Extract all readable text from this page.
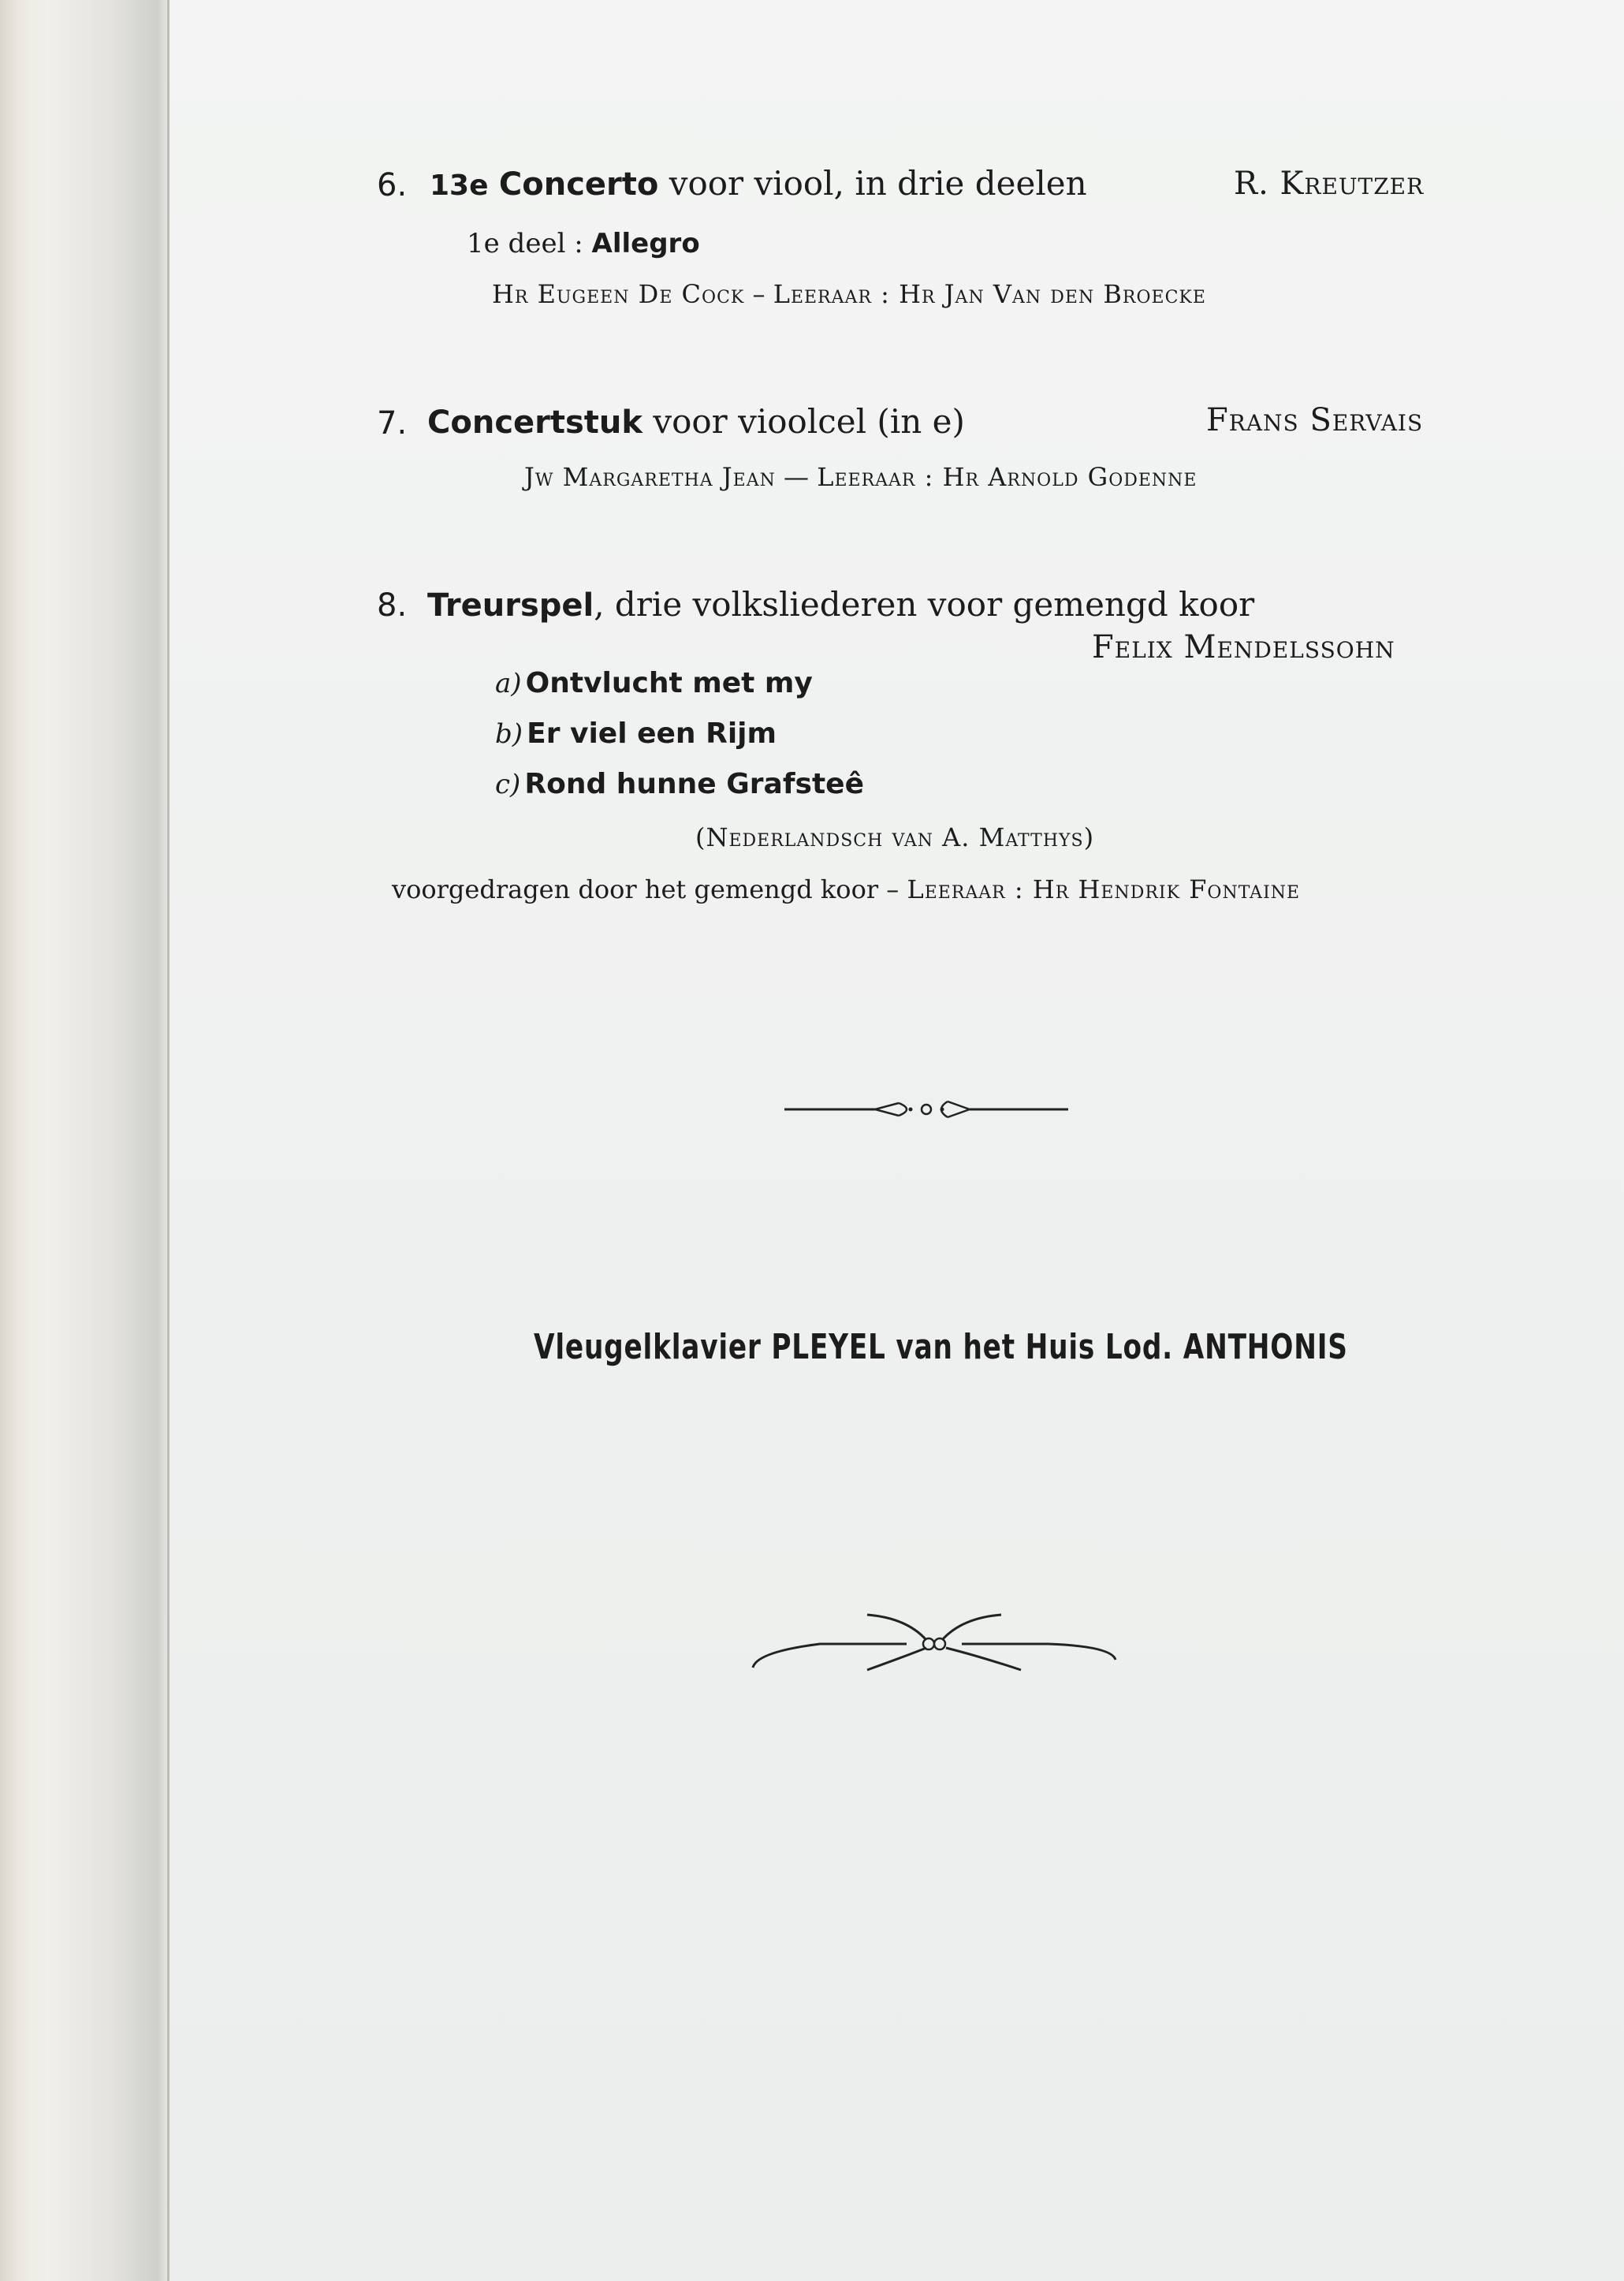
6. 13e Concerto voor viool, in drie deelen	R. Kreutzer
1e deel : Allegro
Hr Eugeen De Cock – Leeraar : Hr Jan Van den Broecke
7. Concertstuk voor vioolcel (in e)	Frans Servais
Jw Margaretha Jean — Leeraar : Hr Arnold Godenne
8. Treurspel, drie volksliederen voor gemengd koor
Felix Mendelssohn
a) Ontvlucht met my
b) Er viel een Rijm
c) Rond hunne Grafsteê
(Nederlandsch van A. Matthys)
voorgedragen door het gemengd koor – Leeraar : Hr Hendrik Fontaine
Vleugelklavier PLEYEL van het Huis Lod. ANTHONIS
